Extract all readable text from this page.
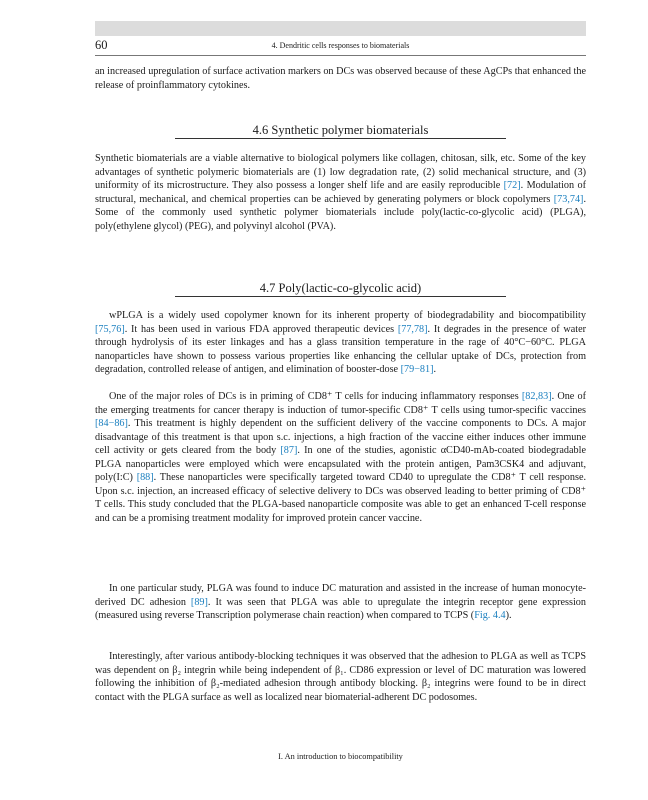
60	4. Dendritic cells responses to biomaterials

an increased upregulation of surface activation markers on DCs was observed because of these AgCPs that enhanced the release of proinflammatory cytokines.

4.6 Synthetic polymer biomaterials

Synthetic biomaterials are a viable alternative to biological polymers like collagen, chitosan, silk, etc. Some of the key advantages of synthetic polymeric biomaterials are (1) low degradation rate, (2) solid mechanical structure, and (3) uniformity of its microstructure. They also possess a longer shelf life and are easily reproducible [72]. Modulation of structural, mechanical, and chemical properties can be achieved by generating polymers or block copolymers [73,74]. Some of the commonly used synthetic polymer biomaterials include poly(lactic-co-glycolic acid) (PLGA), poly(ethylene glycol) (PEG), and polyvinyl alcohol (PVA).

4.7 Poly(lactic-co-glycolic acid)

wPLGA is a widely used copolymer known for its inherent property of biodegradability and biocompatibility [75,76]. It has been used in various FDA approved therapeutic devices [77,78]. It degrades in the presence of water through hydrolysis of its ester linkages and has a glass transition temperature in the rage of 40°C−60°C. PLGA nanoparticles have shown to possess various properties like enhancing the cellular uptake of DCs, protection from degradation, controlled release of antigen, and elimination of booster-dose [79−81].

One of the major roles of DCs is in priming of CD8⁺ T cells for inducing inflammatory responses [82,83]. One of the emerging treatments for cancer therapy is induction of tumor-specific CD8⁺ T cells using tumor-specific vaccines [84−86]. This treatment is highly dependent on the sufficient delivery of the vaccine components to DCs. A major disadvantage of this treatment is that upon s.c. injections, a high fraction of the vaccine either induces other immune cell activity or gets cleared from the body [87]. In one of the studies, agonistic αCD40-mAb-coated biodegradable PLGA nanoparticles were employed which were encapsulated with the protein antigen, Pam3CSK4 and adjuvant, poly(I:C) [88]. These nanoparticles were specifically targeted toward CD40 to upregulate the CD8⁺ T cell response. Upon s.c. injection, an increased efficacy of selective delivery to DCs was observed leading to better priming of CD8⁺ T cells. This study concluded that the PLGA-based nanoparticle composite was able to get an enhanced T-cell response and can be a promising treatment modality for improved protein cancer vaccine.

In one particular study, PLGA was found to induce DC maturation and assisted in the increase of human monocyte-derived DC adhesion [89]. It was seen that PLGA was able to upregulate the integrin receptor gene expression (measured using reverse Transcription polymerase chain reaction) when compared to TCPS (Fig. 4.4).

Interestingly, after various antibody-blocking techniques it was observed that the adhesion to PLGA as well as TCPS was dependent on β₂ integrin while being independent of β₁. CD86 expression or level of DC maturation was lowered following the inhibition of β₂-mediated adhesion through antibody blocking. β₂ integrins were found to be in direct contact with the PLGA surface as well as localized near biomaterial-adherent DC podosomes.

I. An introduction to biocompatibility
